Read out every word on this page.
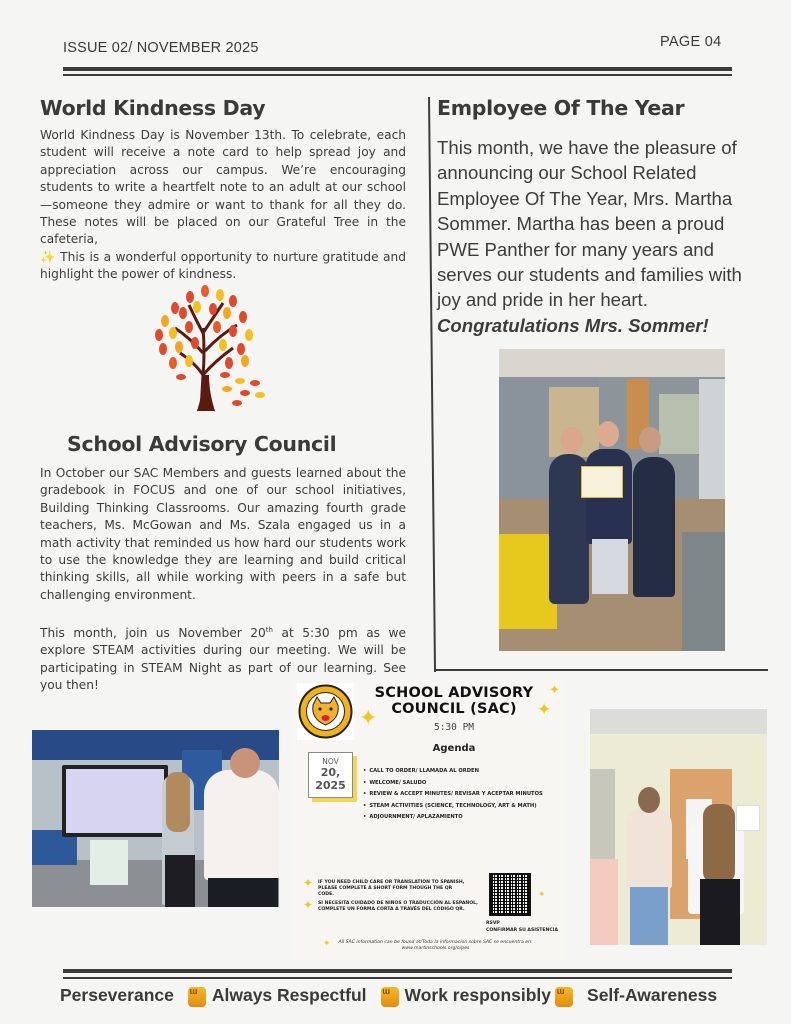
ISSUE 02/ NOVEMBER 2025	PAGE 04
World Kindness Day
World Kindness Day is November 13th. To celebrate, each student will receive a note card to help spread joy and appreciation across our campus. We’re encouraging students to write a heartfelt note to an adult at our school—someone they admire or want to thank for all they do. These notes will be placed on our Grateful Tree in the cafeteria,
✨ This is a wonderful opportunity to nurture gratitude and highlight the power of kindness.
School Advisory Council
In October our SAC Members and guests learned about the gradebook in FOCUS and one of our school initiatives, Building Thinking Classrooms. Our amazing fourth grade teachers, Ms. McGowan and Ms. Szala engaged us in a math activity that reminded us how hard our students work to use the knowledge they are learning and build critical thinking skills, all while working with peers in a safe but challenging environment.
This month, join us November 20th at 5:30 pm as we explore STEAM activities during our meeting. We will be participating in STEAM Night as part of our learning. See you then!
Employee Of The Year
This month, we have the pleasure of announcing our School Related Employee Of The Year, Mrs. Martha Sommer. Martha has been a proud PWE Panther for many years and serves our students and families with joy and pride in her heart.
Congratulations Mrs. Sommer!
✦
✦
✦
SCHOOL ADVISORY COUNCIL (SAC)
5:30 PM
Agenda
NOV
20,
2025
• CALL TO ORDER/ LLAMADA AL ORDEN
• WELCOME/ SALUDO
• REVIEW & ACCEPT MINUTES/ REVISAR Y ACEPTAR MINUTOS
• STEAM ACTIVITIES (SCIENCE, TECHNOLOGY, ART & MATH)
• ADJOURNMENT/ APLAZAMIENTO
✦ IF YOU NEED CHILD CARE OR TRANSLATION TO SPANISH, PLEASE COMPLETE A SHORT FORM THOUGH THE QR CODE.
✦ SI NECESITA CUIDADO DE NIÑOS O TRADUCCIÓN AL ESPAÑOL, COMPLETE UN FORMA CORTA A TRAVÉS DEL CÓDIGO QR.
✦
RSVP
CONFIRMAR SU ASISTENCIA
✦	All SAC information can be found at/Toda la informacion sobre SAC se encuentra en:
www.martinschools.org/o/pes
Perseverance ᵚ Always Respectful ᵚ Work responsibly ᵚ Self-Awareness
